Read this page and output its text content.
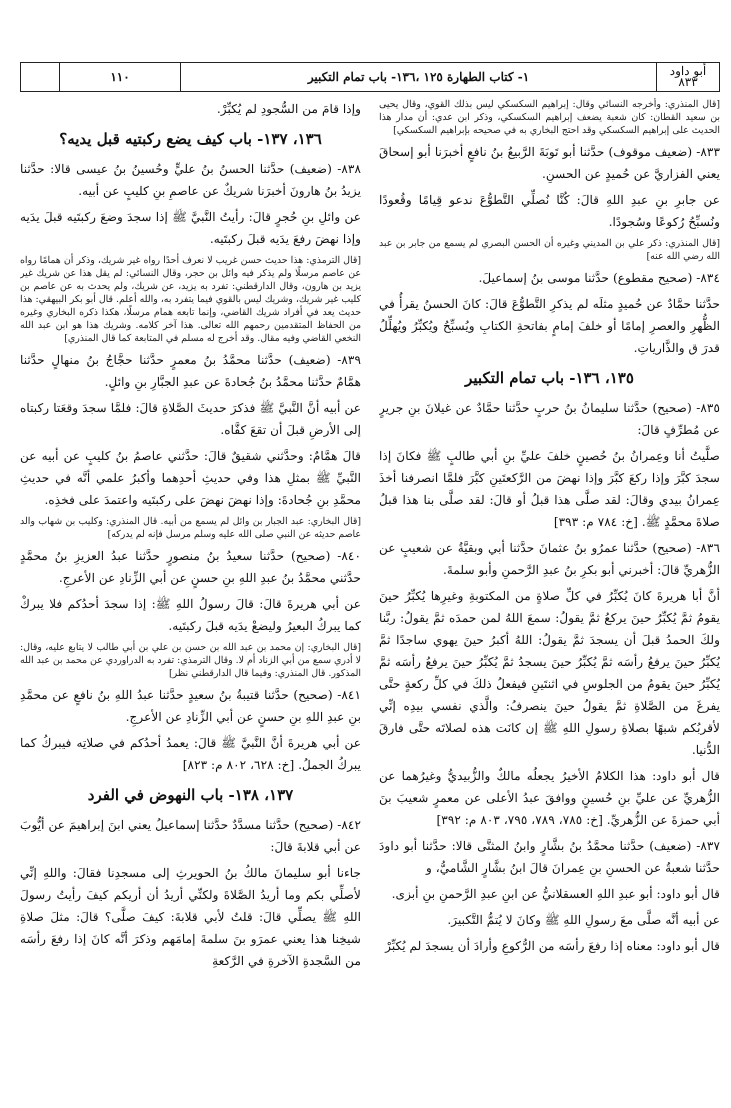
أبو داود
٨٣٣
١- كتاب الطهارة ١٢٥ ،١٣٦- باب تمام التكبير
١١٠

[قال المنذري: وأخرجه النسائي وقال: إبراهيم السكسكي ليس بذلك القوي، وقال يحيى بن سعيد القطان: كان شعبة يضعف إبراهيم السكسكي، وذكر ابن عدي: أن مدار هذا الحديث على إبراهيم السكسكي وقد احتج البخاري به في صحيحه بإبراهيم السكسكي]

٨٣٣- (ضعيف موقوف) حدَّثنا أبو تَوبَةَ الرَّبيعُ بنُ نافعٍ أخبرَنا أبو إسحاقَ يعني الفزاريَّ عن حُميدٍ عن الحسنِ.

عن جابرِ بنِ عبدِ اللهِ قالَ: كُنَّا نُصلِّي التَّطوُّعَ ندعو قِيامًا وقُعودًا ونُسبِّحُ رُكوعًا وسُجودًا.

[قال المنذري: ذكر علي بن المديني وغيره أن الحسن البصري لم يسمع من جابر بن عبد الله رضي الله عنه]

٨٣٤- (صحيح مقطوع) حدَّثنا موسى بنُ إسماعيلَ.

حدَّثنا حمَّادٌ عن حُميدٍ مثلَه لم يذكرِ التَّطوُّعَ قالَ: كانَ الحسنُ يقرأُ في الظُّهرِ والعصرِ إمامًا أو خلفَ إمامٍ بفاتحةِ الكتابِ ويُسبِّحُ ويُكبِّرُ ويُهلِّلُ قدرَ ق والذَّارياتِ.

١٣٥، ١٣٦- باب تمام التكبير

٨٣٥- (صحيح) حدَّثنا سليمانُ بنُ حربٍ حدَّثنا حمَّادٌ عن غيلانَ بنِ جريرٍ عن مُطرِّفٍ قالَ:

صلَّيتُ أنا وعِمرانُ بنُ حُصينٍ خلفَ عليِّ بنِ أبي طالبٍ ﷺ فكانَ إذا سجدَ كبَّرَ وإذا ركعَ كبَّرَ وإذا نهضَ من الرَّكعتَينِ كبَّرَ فلمَّا انصرفنا أخذَ عِمرانُ بيدي وقالَ: لقد صلَّى هذا قبلُ أو قالَ: لقد صلَّى بنا هذا قبلُ صلاةَ محمَّدٍ ﷺ. [خ: ٧٨٤ م: ٣٩٣]

٨٣٦- (صحيح) حدَّثنا عمرُو بنُ عثمانَ حدَّثنا أبي وبقيَّةُ عن شعيبٍ عن الزُّهريِّ قالَ: أخبرني أبو بكرِ بنُ عبدِ الرَّحمنِ وأبو سلمةَ.

أنَّ أبا هريرةَ كانَ يُكبِّرُ في كلِّ صلاةٍ من المكتوبةِ وغيرِها يُكبِّرُ حينَ يقومُ ثمَّ يُكبِّرُ حينَ يركعُ ثمَّ يقولُ: سمعَ اللهُ لمن حمدَه ثمَّ يقولُ: ربَّنا ولكَ الحمدُ قبلَ أن يسجدَ ثمَّ يقولُ: اللهُ أكبرُ حينَ يهوي ساجدًا ثمَّ يُكبِّرُ حينَ يرفعُ رأسَه ثمَّ يُكبِّرُ حينَ يسجدُ ثمَّ يُكبِّرُ حينَ يرفعُ رأسَه ثمَّ يُكبِّرُ حينَ يقومُ من الجلوسِ في اثنتَينِ فيفعلُ ذلكَ في كلِّ ركعةٍ حتَّى يفرغَ من الصَّلاةِ ثمَّ يقولُ حينَ ينصرفُ: والَّذي نفسي بيدِه إنِّي لأقربُكم شبهًا بصلاةِ رسولِ اللهِ ﷺ إن كانَت هذه لصلاتَه حتَّى فارقَ الدُّنيا.

قال أبو داود: هذا الكلامُ الأخيرُ يجعلُه مالكٌ والزُّبيديُّ وغيرُهما عن الزُّهريِّ عن عليِّ بنِ حُسينٍ ووافقَ عبدُ الأعلى عن معمرٍ شعيبَ بنَ أبي حمزةَ عن الزُّهريِّ. [خ: ٧٨٥، ٧٨٩، ٧٩٥، ٨٠٣ م: ٣٩٢]

٨٣٧- (ضعيف) حدَّثنا محمَّدُ بنُ بشَّارٍ وابنُ المثنَّى قالا: حدَّثنا أبو داودَ حدَّثنا شعبةُ عن الحسنِ بنِ عِمرانَ قالَ ابنُ بشَّارٍ الشَّاميُّ، و

قال أبو داود: أبو عبدِ اللهِ العسقلانيُّ عن ابنِ عبدِ الرَّحمنِ بنِ أبزى.

عن أبيه أنَّه صلَّى معَ رسولِ اللهِ ﷺ وكانَ لا يُتمُّ التَّكبيرَ.

قال أبو داود: معناه إذا رفعَ رأسَه من الرُّكوعِ وأرادَ أن يسجدَ لم يُكبِّرْ

وإذا قامَ من السُّجودِ لم يُكبِّرْ.

١٣٦، ١٣٧- باب كيف يضع ركبتيه قبل يديه؟

٨٣٨- (ضعيف) حدَّثنا الحسنُ بنُ عليٍّ وحُسينُ بنُ عيسى قالا: حدَّثنا يزيدُ بنُ هارونَ أخبرَنا شريكٌ عن عاصمِ بنِ كليبٍ عن أبيه.

عن وائلِ بنِ حُجرٍ قالَ: رأيتُ النَّبيَّ ﷺ إذا سجدَ وضعَ ركبتَيه قبلَ يدَيه وإذا نهضَ رفعَ يدَيه قبلَ ركبتَيه.

[قال الترمذي: هذا حديث حسن غريب لا نعرف أحدًا رواه غير شريك، وذكر أن همامًا رواه عن عاصم مرسلًا ولم يذكر فيه وائل بن حجر، وقال النسائي: لم يقل هذا عن شريك غير يزيد بن هارون، وقال الدارقطني: تفرد به يزيد، عن شريك، ولم يحدث به عن عاصم بن كليب غير شريك، وشريك ليس بالقوي فيما يتفرد به، والله أعلم. قال أبو بكر البيهقي: هذا حديث يعد في أفراد شريك القاضي، وإنما تابعه همام مرسلًا، هكذا ذكره البخاري وغيره من الحفاظ المتقدمين رحمهم الله تعالى. هذا آخر كلامه. وشريك هذا هو ابن عبد الله النخعي القاضي وفيه مقال. وقد أخرج له مسلم في المتابعة كما قال المنذري]

٨٣٩- (ضعيف) حدَّثنا محمَّدُ بنُ معمرٍ حدَّثنا حجَّاجُ بنُ منهالٍ حدَّثنا همَّامٌ حدَّثنا محمَّدُ بنُ جُحادةَ عن عبدِ الجبَّارِ بنِ وائلٍ.

عن أبيه أنَّ النَّبيَّ ﷺ فذكرَ حديثَ الصَّلاةِ قالَ: فلمَّا سجدَ وقعَتا ركبتاه إلى الأرضِ قبلَ أن تقعَ كفَّاه.

قالَ همَّامٌ: وحدَّثني شقيقٌ قالَ: حدَّثني عاصمُ بنُ كليبٍ عن أبيه عن النَّبيِّ ﷺ بمثلِ هذا وفي حديثِ أحدِهما وأكبرُ علمي أنَّه في حديثِ محمَّدِ بنِ جُحادةَ: وإذا نهضَ نهضَ على ركبتَيه واعتمدَ على فخذِه.

[قال البخاري: عبد الجبار بن وائل لم يسمع من أبيه. قال المنذري: وكليب بن شهاب والد عاصم حديثه عن النبي صلى الله عليه وسلم مرسل فإنه لم يدركه]

٨٤٠- (صحيح) حدَّثنا سعيدُ بنُ منصورٍ حدَّثنا عبدُ العزيزِ بنُ محمَّدٍ حدَّثني محمَّدُ بنُ عبدِ اللهِ بنِ حسنٍ عن أبي الزِّنادِ عن الأعرجِ.

عن أبي هريرةَ قالَ: قالَ رسولُ اللهِ ﷺ: إذا سجدَ أحدُكم فلا يبركْ كما يبركُ البعيرُ وليضعْ يدَيه قبلَ ركبتَيه.

[قال البخاري: إن محمد بن عبد الله بن حسن بن علي بن أبي طالب لا يتابع عليه، وقال: لا أدري سمع من أبي الزناد أم لا. وقال الترمذي: تفرد به الدراوردي عن محمد بن عبد الله المذكور. قال المنذري: وفيما قال الدارقطني نظر]

٨٤١- (صحيح) حدَّثنا قتيبةُ بنُ سعيدٍ حدَّثنا عبدُ اللهِ بنُ نافعٍ عن محمَّدِ بنِ عبدِ اللهِ بنِ حسنٍ عن أبي الزِّنادِ عن الأعرجِ.

عن أبي هريرةَ أنَّ النَّبيَّ ﷺ قالَ: يعمدُ أحدُكم في صلاتِه فيبركُ كما يبركُ الجملُ. [خ: ٦٢٨، ٨٠٢ م: ٨٢٣]

١٣٧، ١٣٨- باب النهوض في الفرد

٨٤٢- (صحيح) حدَّثنا مسدَّدٌ حدَّثنا إسماعيلُ يعني ابنَ إبراهيمَ عن أيُّوبَ عن أبي قلابةَ قالَ:

جاءنا أبو سليمانَ مالكُ بنُ الحويرثِ إلى مسجدِنا فقالَ: واللهِ إنِّي لأصلِّي بكم وما أريدُ الصَّلاةَ ولكنِّي أريدُ أن أريكم كيفَ رأيتُ رسولَ اللهِ ﷺ يصلِّي قالَ: قلتُ لأبي قلابةَ: كيفَ صلَّى؟ قالَ: مثلَ صلاةِ شيخِنا هذا يعني عمرَو بنَ سلمةَ إمامَهم وذكرَ أنَّه كانَ إذا رفعَ رأسَه من السَّجدةِ الآخرةِ في الرَّكعةِ
